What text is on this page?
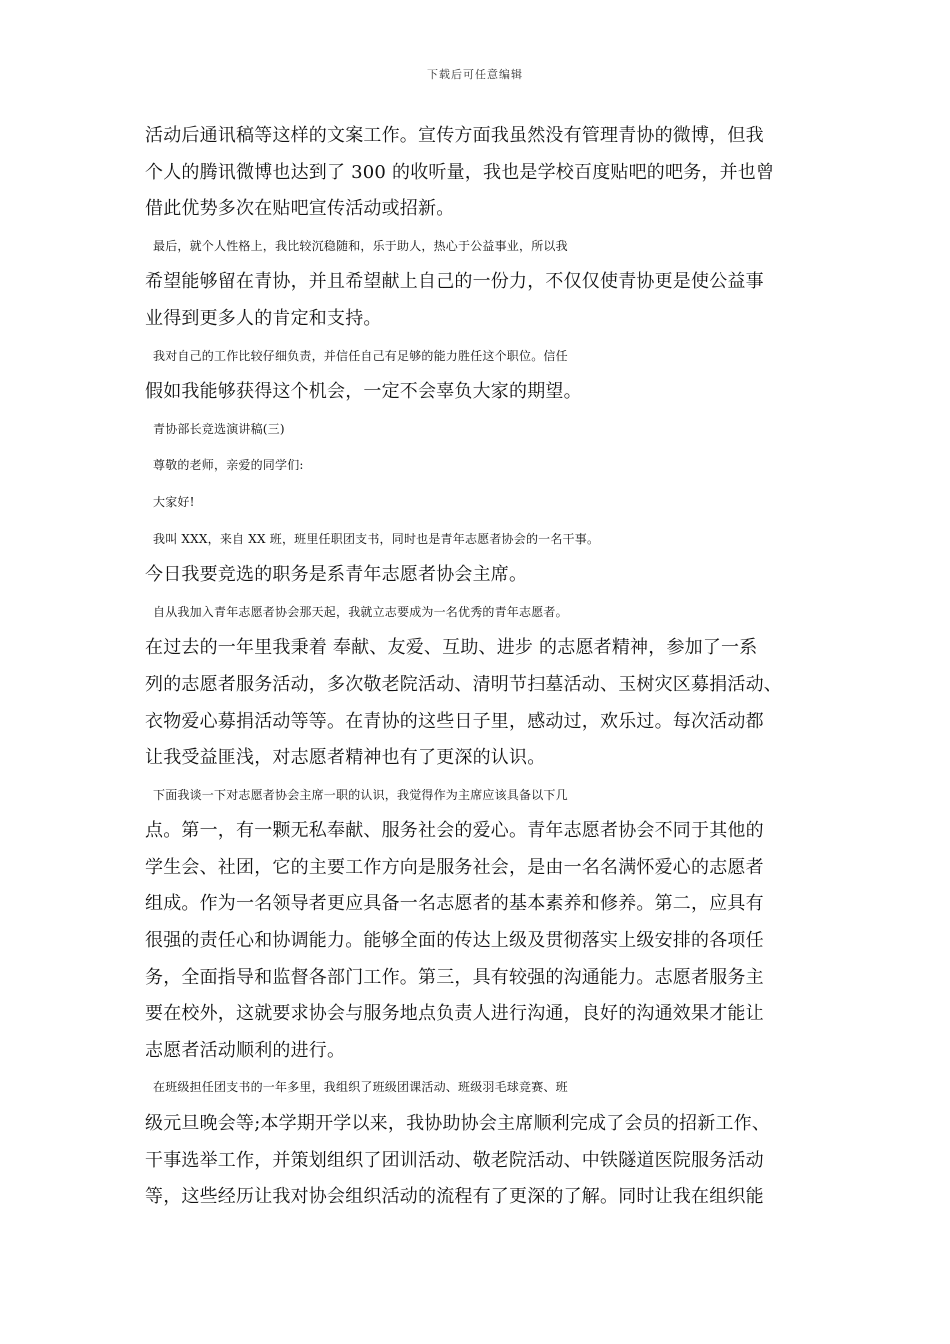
下载后可任意编辑
活动后通讯稿等这样的文案工作。宣传方面我虽然没有管理青协的微博，但我
个人的腾讯微博也达到了 300 的收听量，我也是学校百度贴吧的吧务，并也曾
借此优势多次在贴吧宣传活动或招新。
最后，就个人性格上，我比较沉稳随和，乐于助人，热心于公益事业，所以我
希望能够留在青协，并且希望献上自己的一份力，不仅仅使青协更是使公益事
业得到更多人的肯定和支持。
我对自己的工作比较仔细负责，并信任自己有足够的能力胜任这个职位。信任
假如我能够获得这个机会，一定不会辜负大家的期望。
青协部长竞选演讲稿(三)
尊敬的老师，亲爱的同学们:
大家好!
我叫 XXX，来自 XX 班，班里任职团支书，同时也是青年志愿者协会的一名干事。
今日我要竞选的职务是系青年志愿者协会主席。
自从我加入青年志愿者协会那天起，我就立志要成为一名优秀的青年志愿者。
在过去的一年里我秉着 奉献、友爱、互助、进步 的志愿者精神，参加了一系
列的志愿者服务活动，多次敬老院活动、清明节扫墓活动、玉树灾区募捐活动、
衣物爱心募捐活动等等。在青协的这些日子里，感动过，欢乐过。每次活动都
让我受益匪浅，对志愿者精神也有了更深的认识。
下面我谈一下对志愿者协会主席一职的认识，我觉得作为主席应该具备以下几
点。第一，有一颗无私奉献、服务社会的爱心。青年志愿者协会不同于其他的
学生会、社团，它的主要工作方向是服务社会，是由一名名满怀爱心的志愿者
组成。作为一名领导者更应具备一名志愿者的基本素养和修养。第二，应具有
很强的责任心和协调能力。能够全面的传达上级及贯彻落实上级安排的各项任
务，全面指导和监督各部门工作。第三，具有较强的沟通能力。志愿者服务主
要在校外，这就要求协会与服务地点负责人进行沟通，良好的沟通效果才能让
志愿者活动顺利的进行。
在班级担任团支书的一年多里，我组织了班级团课活动、班级羽毛球竞赛、班
级元旦晚会等;本学期开学以来，我协助协会主席顺利完成了会员的招新工作、
干事选举工作，并策划组织了团训活动、敬老院活动、中铁隧道医院服务活动
等，这些经历让我对协会组织活动的流程有了更深的了解。同时让我在组织能
